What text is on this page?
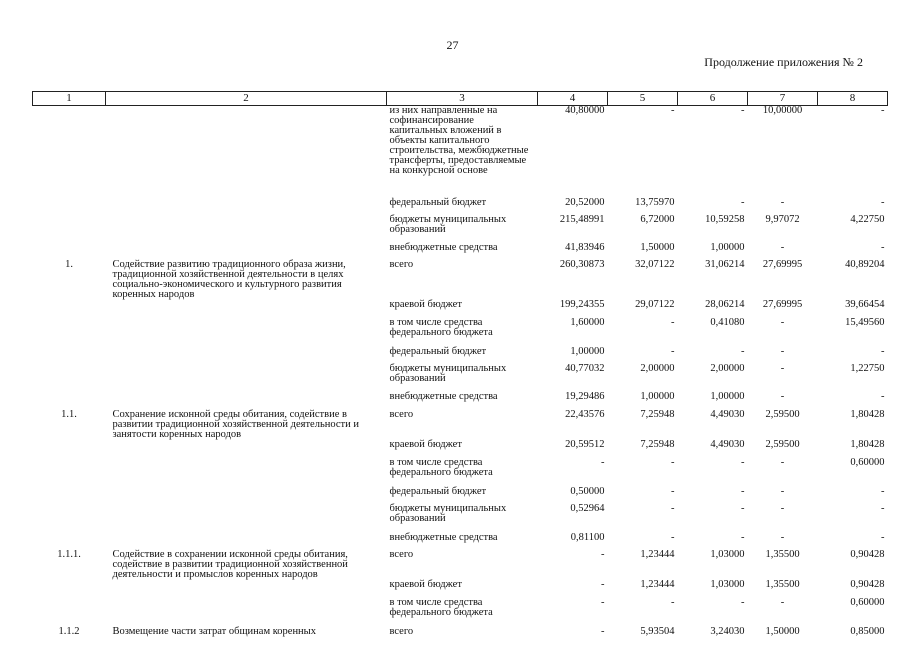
27
Продолжение приложения № 2
1	2	3	4	5	6	7	8
		из них направленные на софинансирование капитальных вложений в объекты капитального строительства, межбюджетные трансферты, предоставляемые на конкурсной основе	40,80000	-	-	10,00000	-
		федеральный бюджет	20,52000	13,75970	-	-	-
		бюджеты муниципальных образований	215,48991	6,72000	10,59258	9,97072	4,22750
		внебюджетные средства	41,83946	1,50000	1,00000	-	-
1.	Содействие развитию традиционного образа жизни, традиционной хозяйственной деятельности в целях социально-экономического и культурного развития коренных народов	всего	260,30873	32,07122	31,06214	27,69995	40,89204
		краевой бюджет	199,24355	29,07122	28,06214	27,69995	39,66454
		в том числе средства федерального бюджета	1,60000	-	0,41080	-	15,49560
		федеральный бюджет	1,00000	-	-	-	-
		бюджеты муниципальных образований	40,77032	2,00000	2,00000	-	1,22750
		внебюджетные средства	19,29486	1,00000	1,00000	-	-
1.1.	Сохранение исконной среды обитания, содействие в развитии традиционной хозяйственной деятельности и занятости коренных народов	всего	22,43576	7,25948	4,49030	2,59500	1,80428
		краевой бюджет	20,59512	7,25948	4,49030	2,59500	1,80428
		в том числе средства федерального бюджета	-	-	-	-	0,60000
		федеральный бюджет	0,50000	-	-	-	-
		бюджеты муниципальных образований	0,52964	-	-	-	-
		внебюджетные средства	0,81100	-	-	-	-
1.1.1.	Содействие в сохранении исконной среды обитания, содействие в развитии традиционной хозяйственной деятельности и промыслов коренных народов	всего	-	1,23444	1,03000	1,35500	0,90428
		краевой бюджет	-	1,23444	1,03000	1,35500	0,90428
		в том числе средства федерального бюджета	-	-	-	-	0,60000
1.1.2	Возмещение части затрат общинам коренных	всего	-	5,93504	3,24030	1,50000	0,85000
